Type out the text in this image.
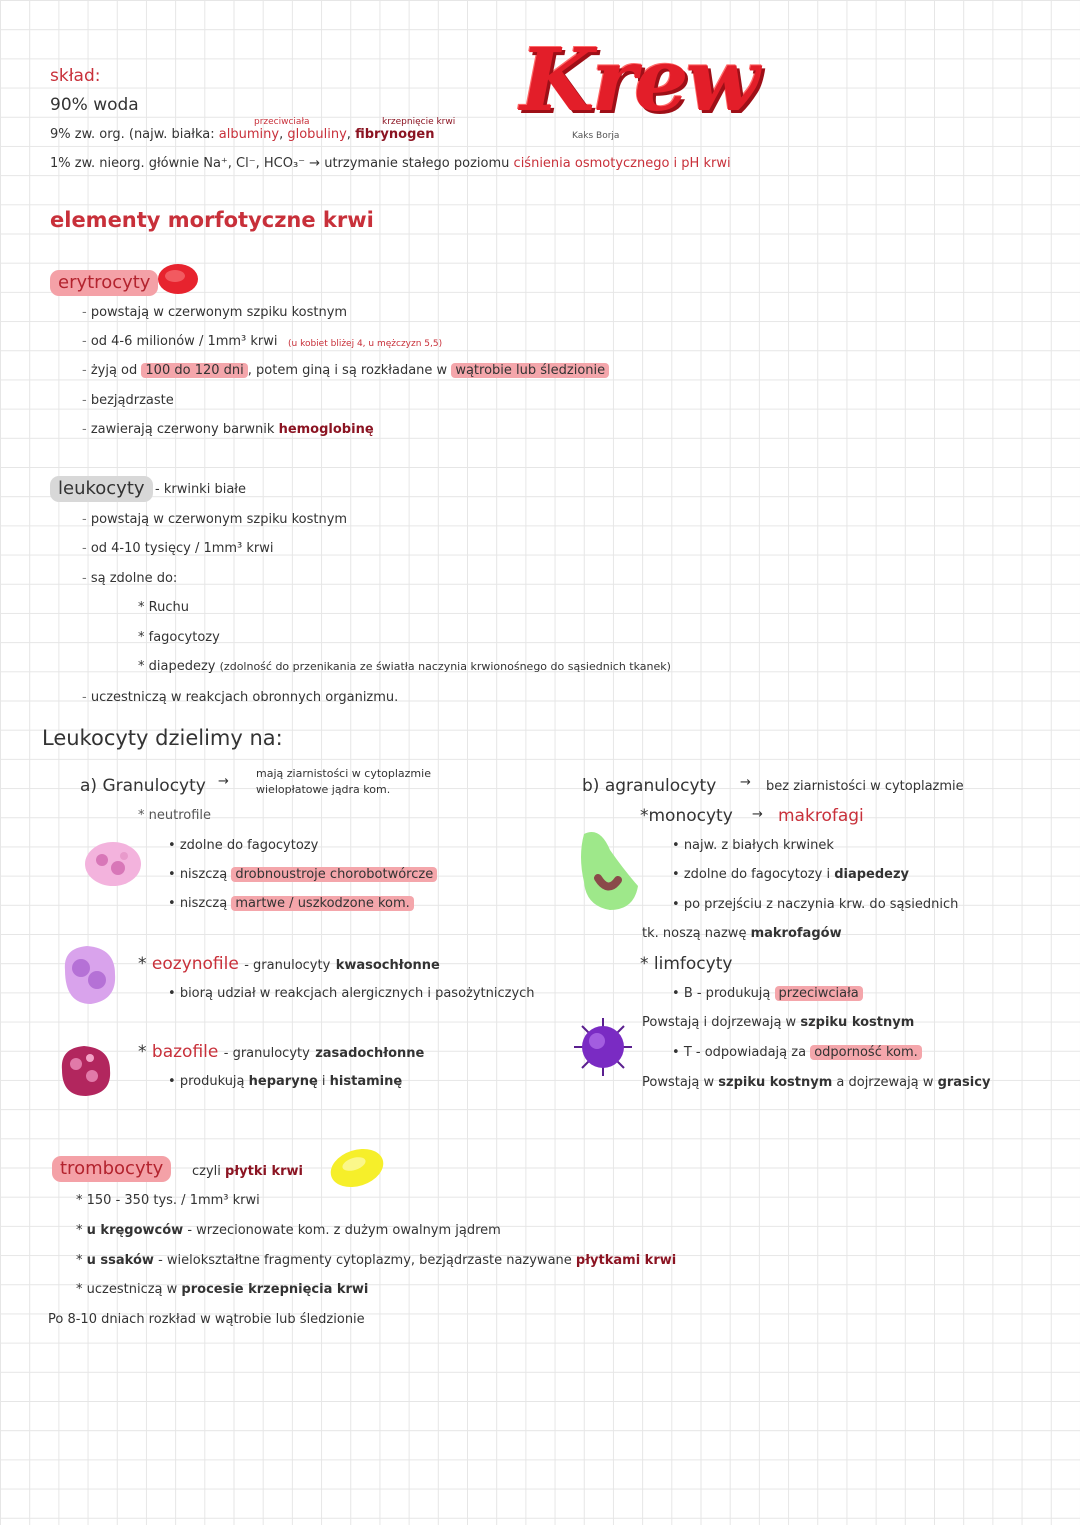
Krew
Kaks Borja
skład:
90% woda
przeciwciała	krzepnięcie krwi
9% zw. org. (najw. białka: albuminy, globuliny, fibrynogen
1% zw. nieorg. głównie Na⁺, Cl⁻, HCO₃⁻ → utrzymanie stałego poziomu ciśnienia osmotycznego i pH krwi
elementy morfotyczne krwi
erytrocyty
- powstają w czerwonym szpiku kostnym
- od 4-6 milionów / 1mm³ krwi (u kobiet bliżej 4, u mężczyzn 5,5)
- żyją od 100 do 120 dni , potem giną i są rozkładane w wątrobie lub śledzionie
- bezjądrzaste
- zawierają czerwony barwnik hemoglobinę
leukocyty - krwinki białe
- powstają w czerwonym szpiku kostnym
- od 4-10 tysięcy / 1mm³ krwi
- są zdolne do:
* Ruchu
* fagocytozy
* diapedezy (zdolność do przenikania ze światła naczynia krwionośnego do sąsiednich tkanek)
- uczestniczą w reakcjach obronnych organizmu.
Leukocyty dzielimy na:
a) Granulocyty →
mają ziarnistości w cytoplazmie
wielopłatowe jądra kom.
* neutrofile
• zdolne do fagocytozy
• niszczą drobnoustroje chorobotwórcze
• niszczą martwe / uszkodzone kom.
* eozynofile - granulocyty kwasochłonne
• biorą udział w reakcjach alergicznych i pasożytniczych
* bazofile - granulocyty zasadochłonne
• produkują heparynę i histaminę
b) agranulocyty → bez ziarnistości w cytoplazmie
*monocyty → makrofagi
• najw. z białych krwinek
• zdolne do fagocytozy i diapedezy
• po przejściu z naczynia krw. do sąsiednich
tk. noszą nazwę makrofagów
* limfocyty
• B - produkują przeciwciała
Powstają i dojrzewają w szpiku kostnym
• T - odpowiadają za odporność kom.
Powstają w szpiku kostnym a dojrzewają w grasicy
trombocyty	czyli płytki krwi
* 150 - 350 tys. / 1mm³ krwi
* u kręgowców - wrzecionowate kom. z dużym owalnym jądrem
* u ssaków - wielokształtne fragmenty cytoplazmy, bezjądrzaste nazywane płytkami krwi
* uczestniczą w procesie krzepnięcia krwi
Po 8-10 dniach rozkład w wątrobie lub śledzionie
